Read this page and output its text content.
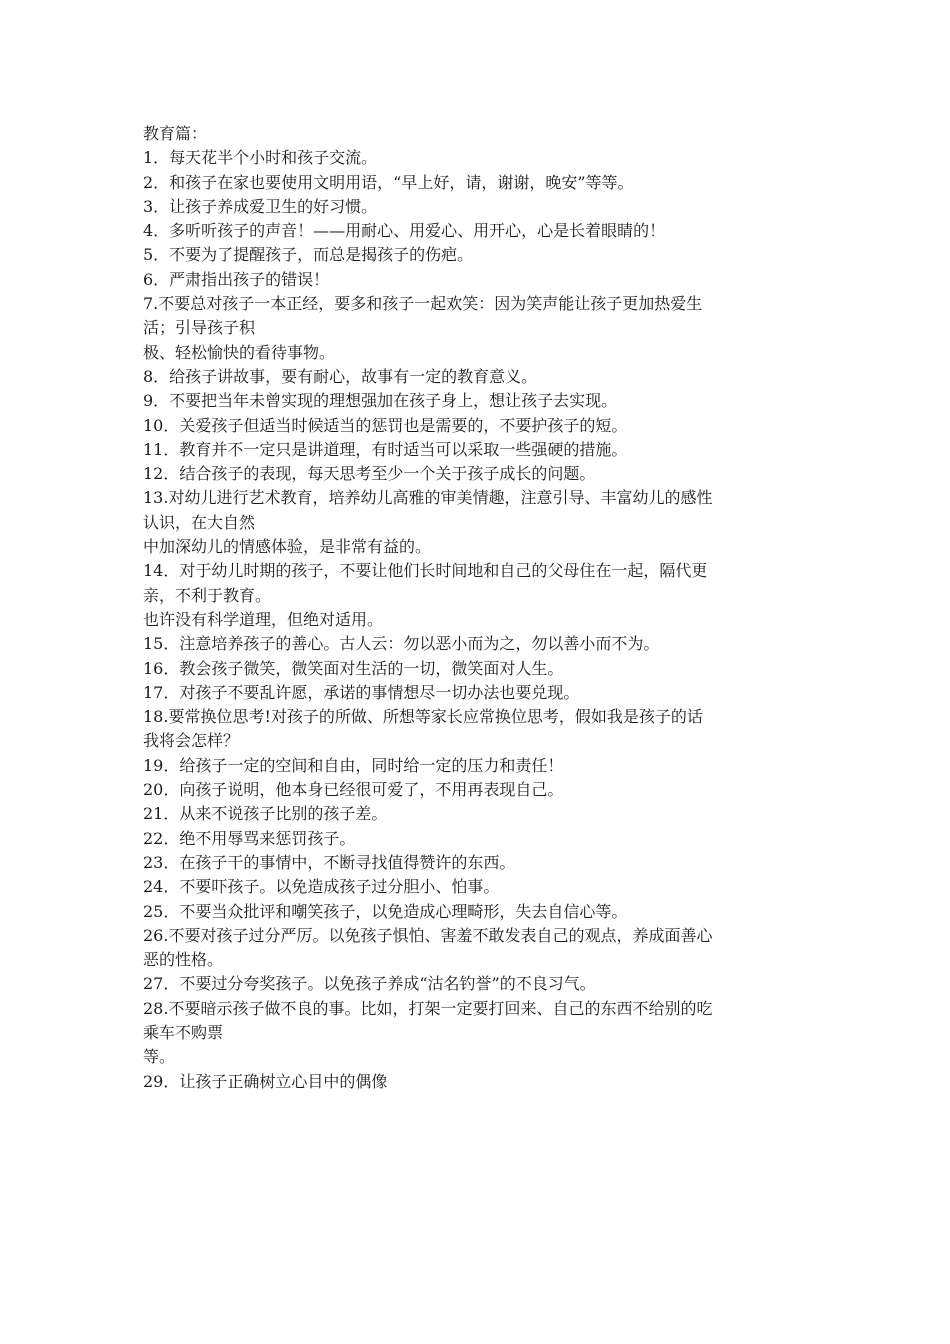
教育篇：
1．每天花半个小时和孩子交流。
2．和孩子在家也要使用文明用语，“早上好，请，谢谢，晚安”等等。
3．让孩子养成爱卫生的好习惯。
4．多听听孩子的声音！——用耐心、用爱心、用开心，心是长着眼睛的！
5．不要为了提醒孩子，而总是揭孩子的伤疤。
6．严肃指出孩子的错误！
7.不要总对孩子一本正经，要多和孩子一起欢笑：因为笑声能让孩子更加热爱生
活；引导孩子积
极、轻松愉快的看待事物。
8．给孩子讲故事，要有耐心，故事有一定的教育意义。
9．不要把当年未曾实现的理想强加在孩子身上，想让孩子去实现。
10．关爱孩子但适当时候适当的惩罚也是需要的，不要护孩子的短。
11．教育并不一定只是讲道理，有时适当可以采取一些强硬的措施。
12．结合孩子的表现，每天思考至少一个关于孩子成长的问题。
13.对幼儿进行艺术教育，培养幼儿高雅的审美情趣，注意引导、丰富幼儿的感性
认识，在大自然
中加深幼儿的情感体验，是非常有益的。
14．对于幼儿时期的孩子，不要让他们长时间地和自己的父母住在一起，隔代更
亲，不利于教育。
也许没有科学道理，但绝对适用。
15．注意培养孩子的善心。古人云：勿以恶小而为之，勿以善小而不为。
16．教会孩子微笑，微笑面对生活的一切，微笑面对人生。
17．对孩子不要乱许愿，承诺的事情想尽一切办法也要兑现。
18.要常换位思考!对孩子的所做、所想等家长应常换位思考，假如我是孩子的话
我将会怎样？
19．给孩子一定的空间和自由，同时给一定的压力和责任！
20．向孩子说明，他本身已经很可爱了，不用再表现自己。
21．从来不说孩子比别的孩子差。
22．绝不用辱骂来惩罚孩子。
23．在孩子干的事情中，不断寻找值得赞许的东西。
24．不要吓孩子。以免造成孩子过分胆小、怕事。
25．不要当众批评和嘲笑孩子，以免造成心理畸形，失去自信心等。
26.不要对孩子过分严厉。以免孩子惧怕、害羞不敢发表自己的观点，养成面善心
恶的性格。
27．不要过分夸奖孩子。以免孩子养成“沽名钓誉”的不良习气。
28.不要暗示孩子做不良的事。比如，打架一定要打回来、自己的东西不给别的吃
乘车不购票
等。
29．让孩子正确树立心目中的偶像
